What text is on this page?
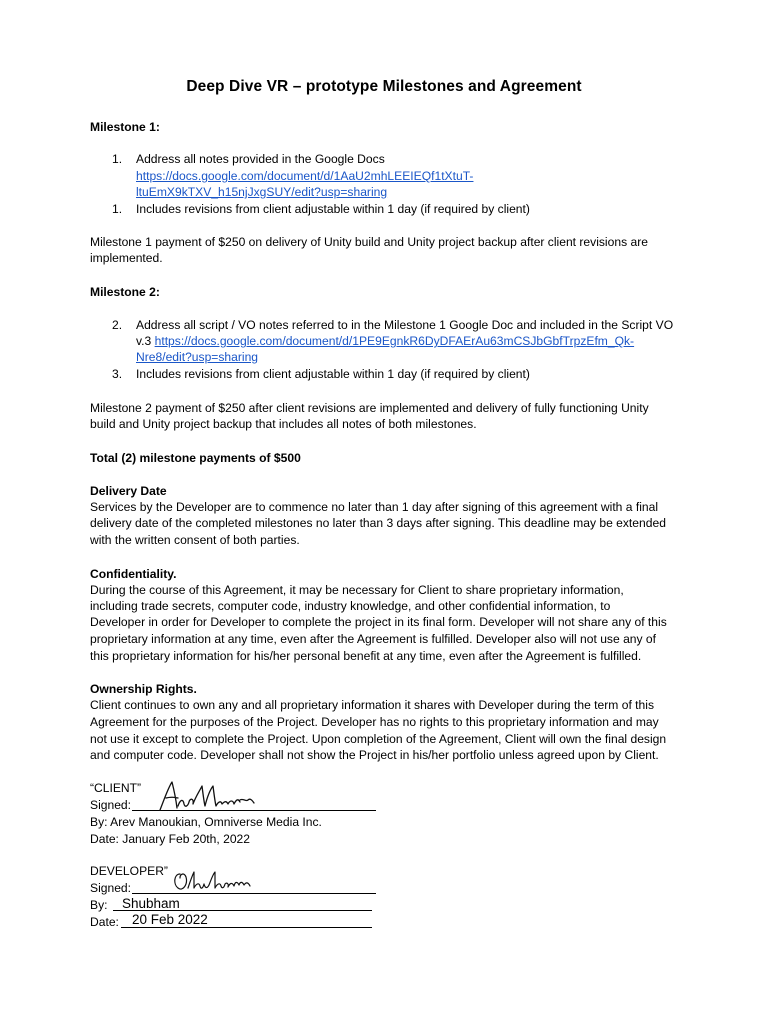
Deep Dive VR – prototype Milestones and Agreement
Milestone 1:
1. Address all notes provided in the Google Docs
https://docs.google.com/document/d/1AaU2mhLEEIEQf1tXtuT-
ltuEmX9kTXV_h15njJxgSUY/edit?usp=sharing
1. Includes revisions from client adjustable within 1 day (if required by client)
Milestone 1 payment of $250 on delivery of Unity build and Unity project backup after client revisions are
implemented.
Milestone 2:
2. Address all script / VO notes referred to in the Milestone 1 Google Doc and included in the Script VO
v.3 https://docs.google.com/document/d/1PE9EgnkR6DyDFAErAu63mCSJbGbfTrpzEfm_Qk-
Nre8/edit?usp=sharing
3. Includes revisions from client adjustable within 1 day (if required by client)
Milestone 2 payment of $250 after client revisions are implemented and delivery of fully functioning Unity
build and Unity project backup that includes all notes of both milestones.
Total (2) milestone payments of $500
Delivery Date
Services by the Developer are to commence no later than 1 day after signing of this agreement with a final
delivery date of the completed milestones no later than 3 days after signing. This deadline may be extended
with the written consent of both parties.
Confidentiality.
During the course of this Agreement, it may be necessary for Client to share proprietary information,
including trade secrets, computer code, industry knowledge, and other confidential information, to
Developer in order for Developer to complete the project in its final form. Developer will not share any of this
proprietary information at any time, even after the Agreement is fulfilled. Developer also will not use any of
this proprietary information for his/her personal benefit at any time, even after the Agreement is fulfilled.
Ownership Rights.
Client continues to own any and all proprietary information it shares with Developer during the term of this
Agreement for the purposes of the Project. Developer has no rights to this proprietary information and may
not use it except to complete the Project. Upon completion of the Agreement, Client will own the final design
and computer code. Developer shall not show the Project in his/her portfolio unless agreed upon by Client.
“CLIENT”
Signed:
By: Arev Manoukian, Omniverse Media Inc.
Date: January Feb 20th, 2022
DEVELOPER”
Signed:
By: Shubham
Date: 20 Feb 2022
